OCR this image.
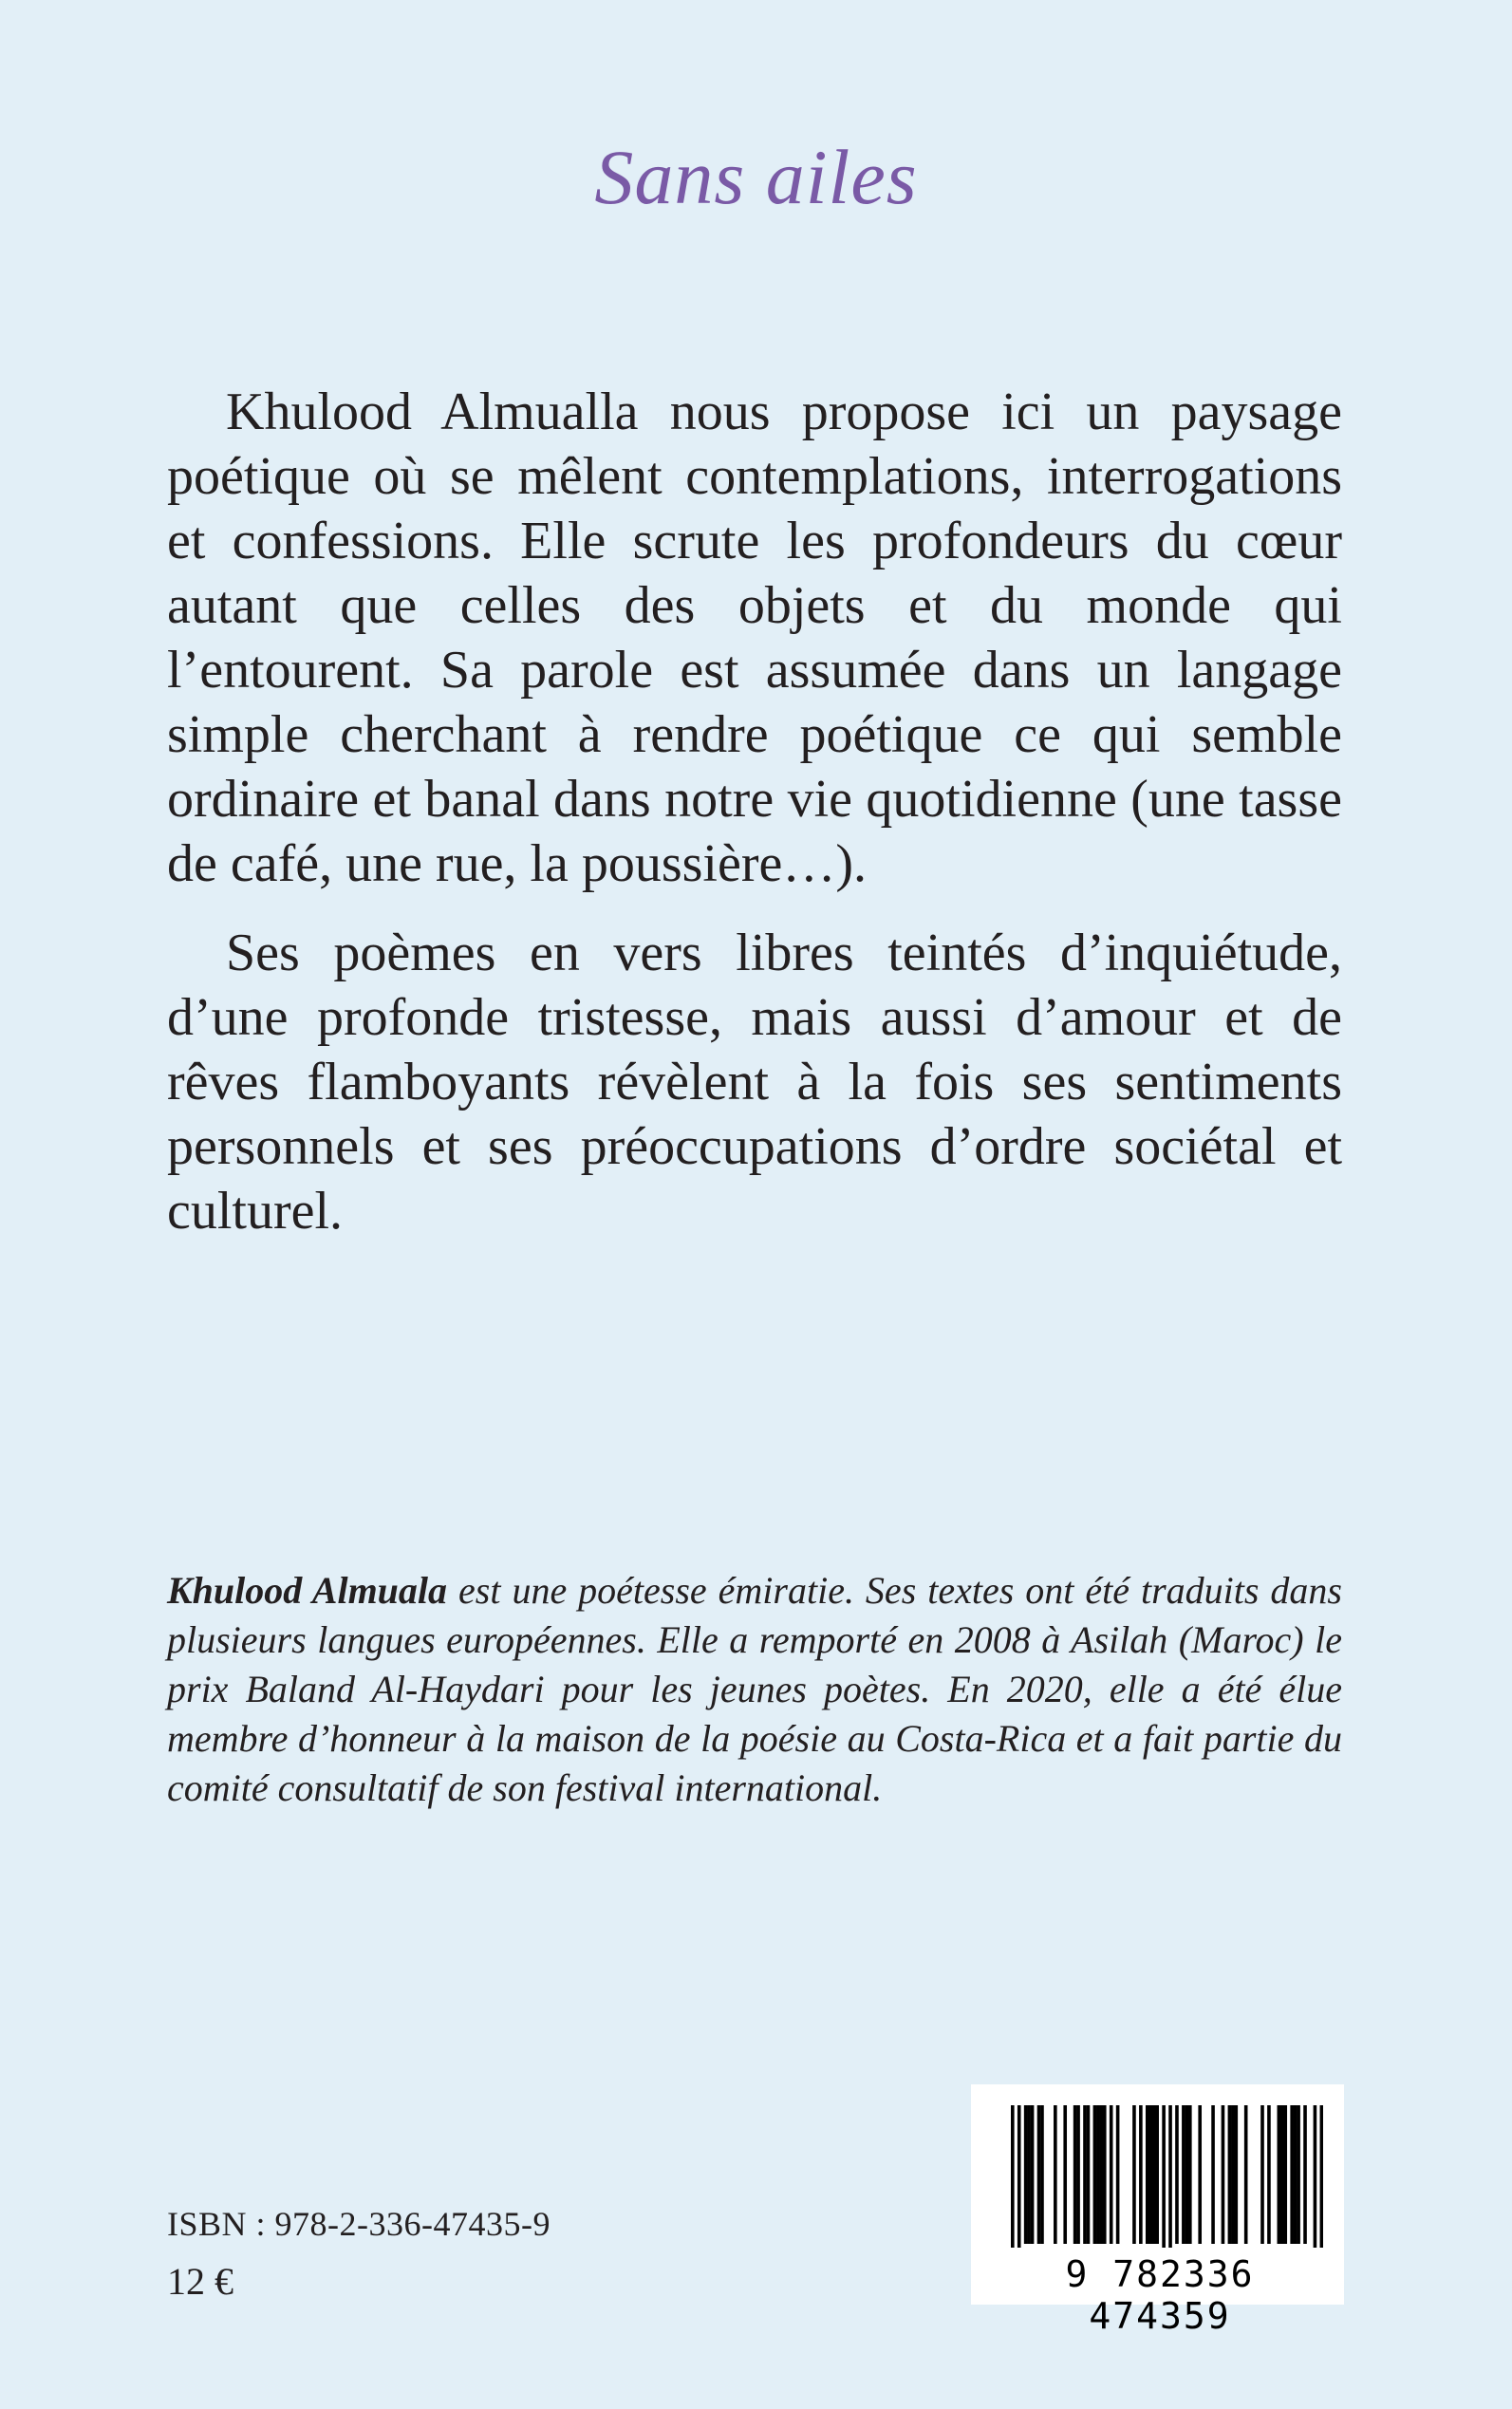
Sans ailes

Khulood Almualla nous propose ici un paysage poétique où se mêlent contemplations, interrogations et confessions. Elle scrute les profondeurs du cœur autant que celles des objets et du monde qui l’entourent. Sa parole est assumée dans un langage simple cherchant à rendre poétique ce qui semble ordinaire et banal dans notre vie quotidienne (une tasse de café, une rue, la poussière…).

Ses poèmes en vers libres teintés d’inquiétude, d’une profonde tristesse, mais aussi d’amour et de rêves flamboyants révèlent à la fois ses sentiments personnels et ses préoccupations d’ordre sociétal et culturel.

Khulood Almuala est une poétesse émiratie. Ses textes ont été traduits dans plusieurs langues européennes. Elle a remporté en 2008 à Asilah (Maroc) le prix Baland Al-Haydari pour les jeunes poètes. En 2020, elle a été élue membre d’honneur à la maison de la poésie au Costa-Rica et a fait partie du comité consultatif de son festival international.
ISBN : 978-2-336-47435-9
12 €	9 782336 474359
